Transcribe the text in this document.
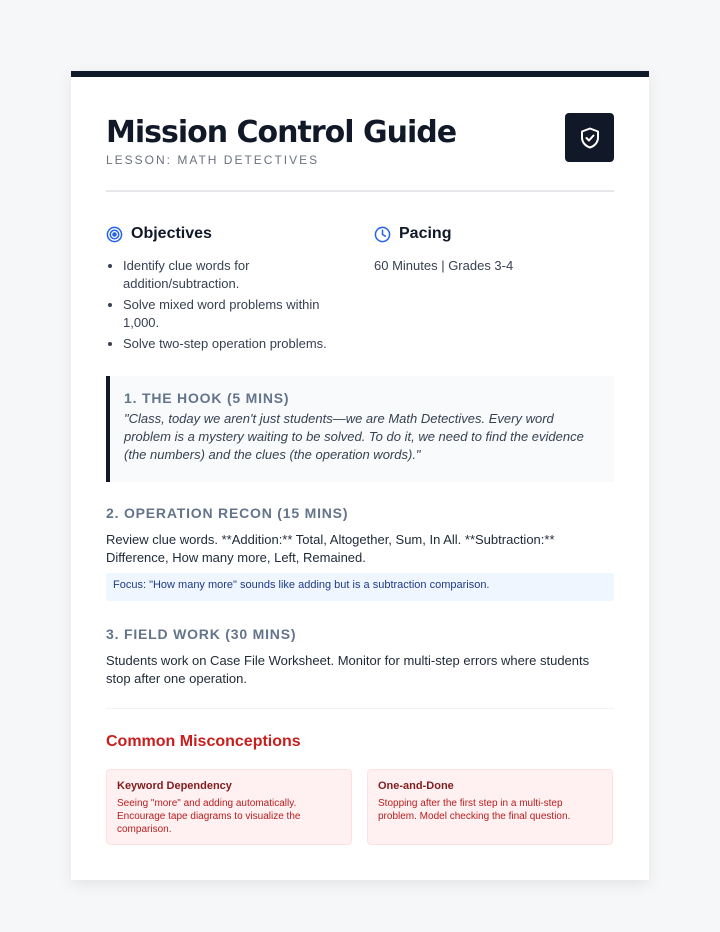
Mission Control Guide
LESSON: MATH DETECTIVES
Objectives
• Identify clue words for addition/subtraction.
• Solve mixed word problems within 1,000.
• Solve two-step operation problems.
Pacing
60 Minutes | Grades 3-4
1. THE HOOK (5 MINS)

"Class, today we aren't just students—we are Math Detectives. Every word problem is a mystery waiting to be solved. To do it, we need to find the evidence (the numbers) and the clues (the operation words)."

2. OPERATION RECON (15 MINS)
Review clue words. **Addition:** Total, Altogether, Sum, In All. **Subtraction:** Difference, How many more, Left, Remained.
Focus: "How many more" sounds like adding but is a subtraction comparison.
3. FIELD WORK (30 MINS)
Students work on Case File Worksheet. Monitor for multi-step errors where students stop after one operation.
Common Misconceptions
Keyword Dependency
Seeing "more" and adding automatically. Encourage tape diagrams to visualize the comparison.
One-and-Done
Stopping after the first step in a multi-step problem. Model checking the final question.
